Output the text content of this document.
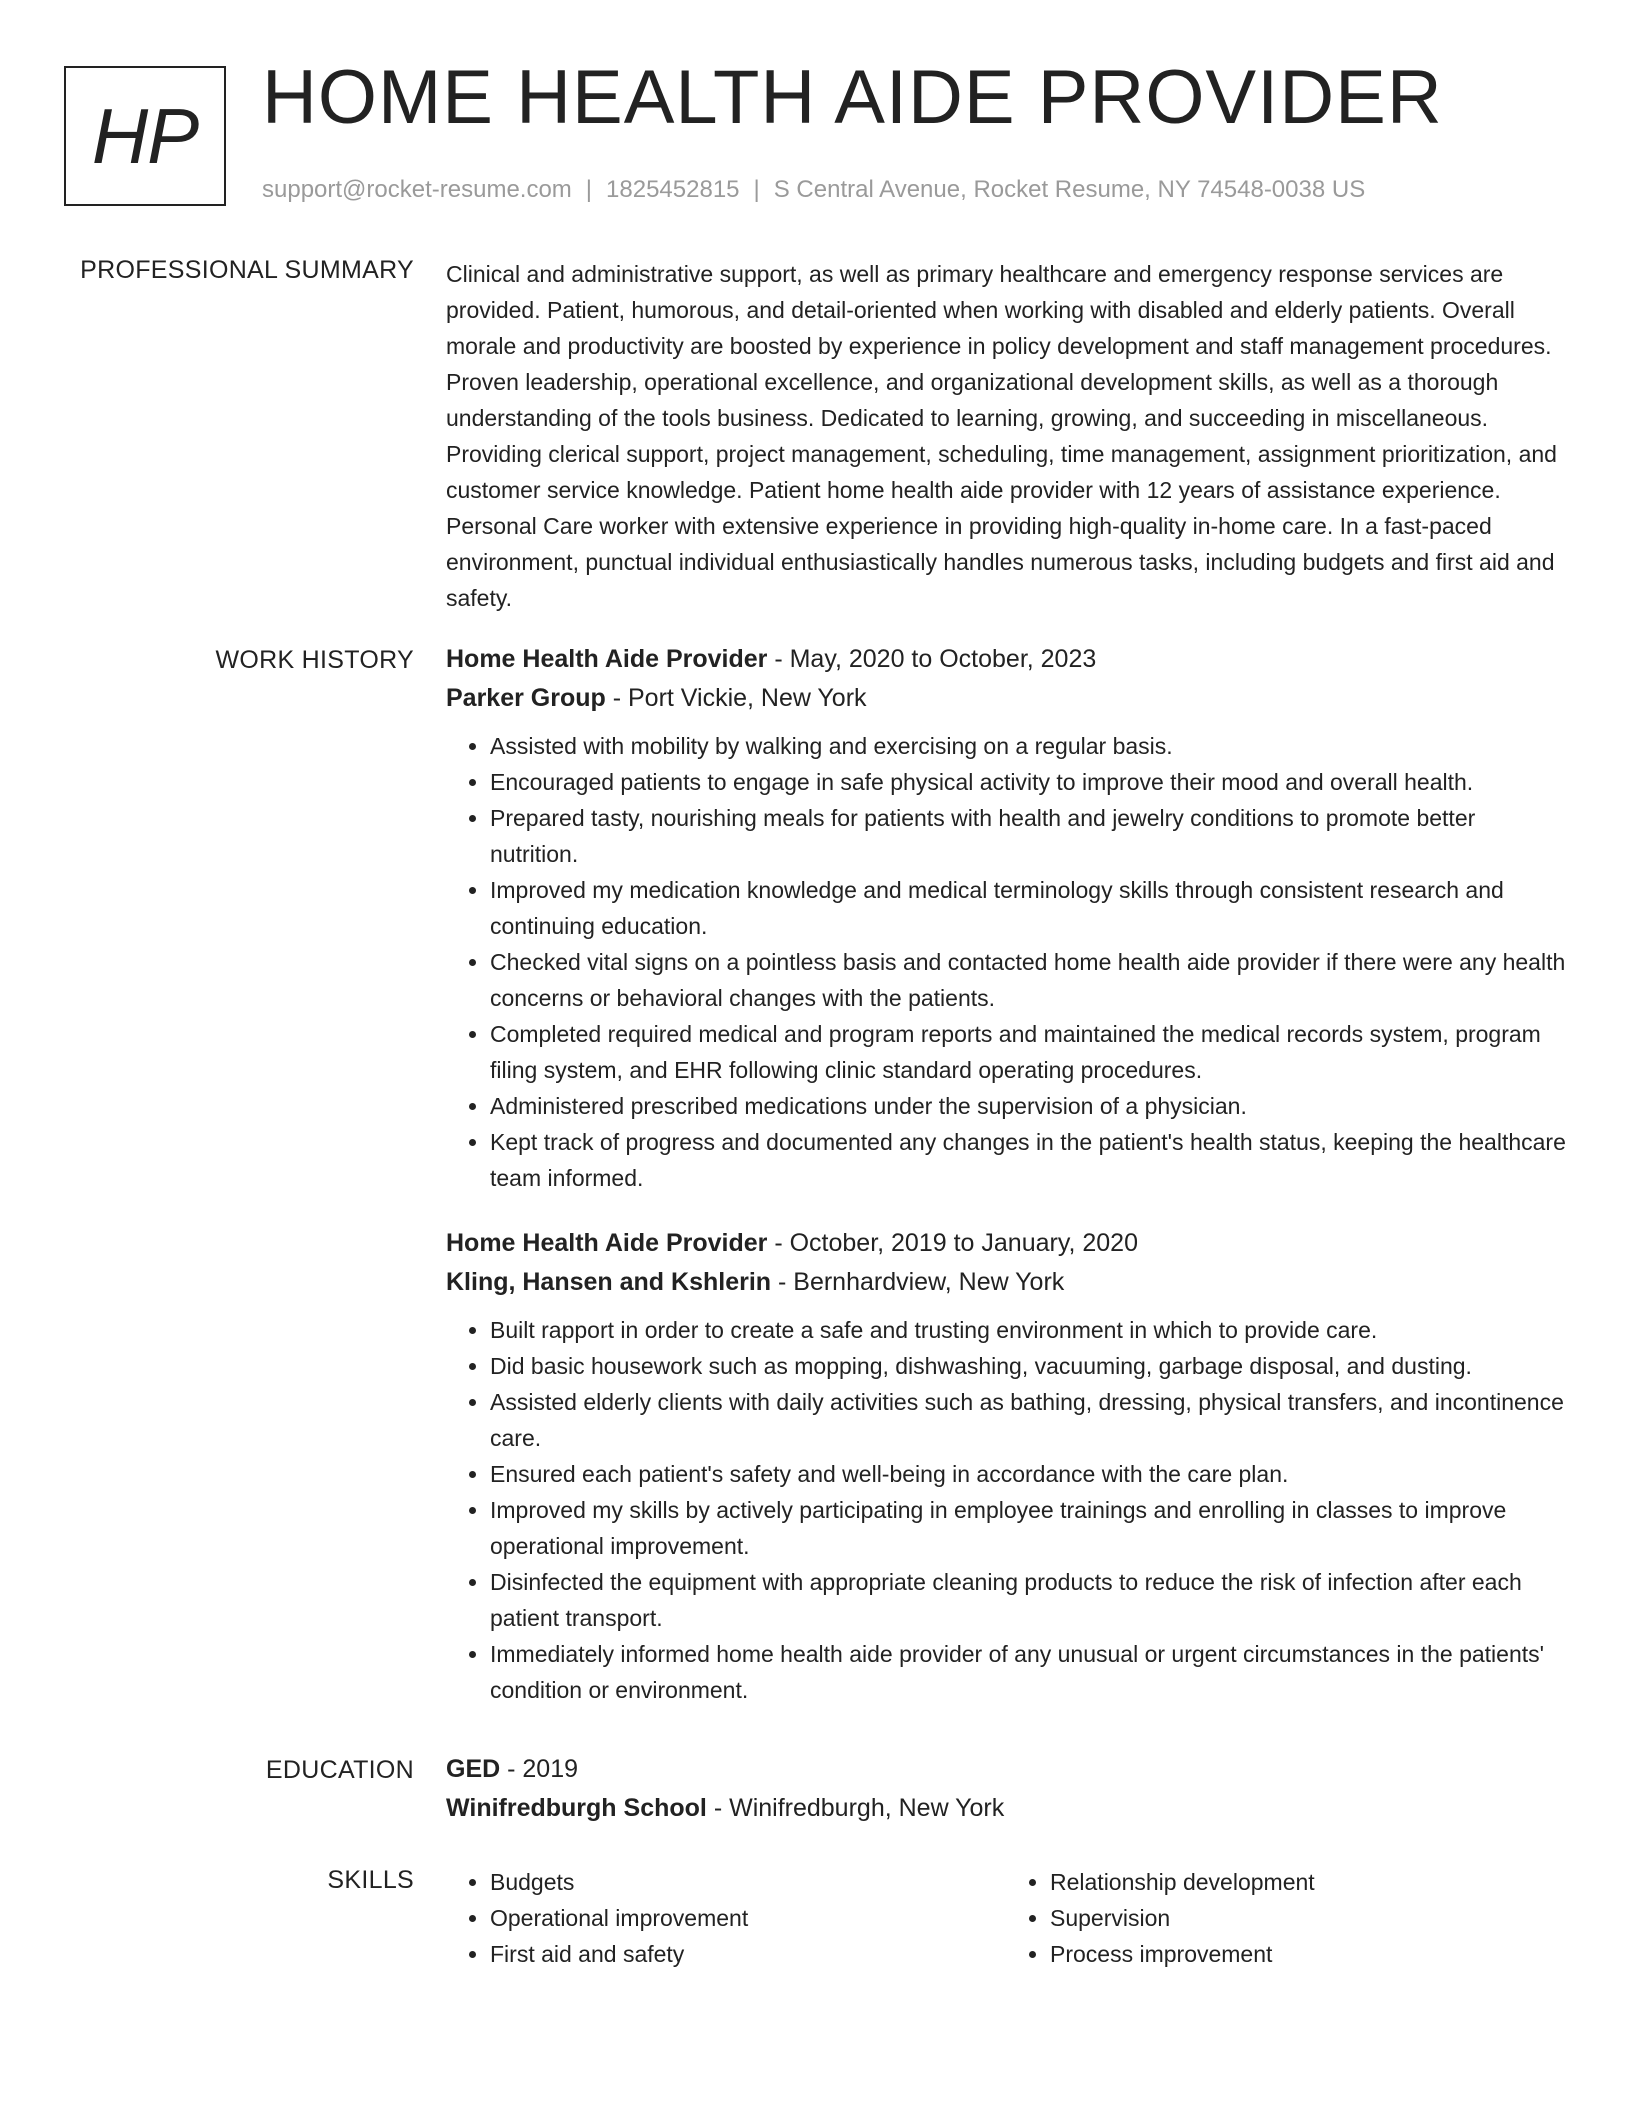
HP HOME HEALTH AIDE PROVIDER
support@rocket-resume.com | 1825452815 | S Central Avenue, Rocket Resume, NY 74548-0038 US
PROFESSIONAL SUMMARY Clinical and administrative support, as well as primary healthcare and emergency response services are provided. Patient, humorous, and detail-oriented when working with disabled and elderly patients. Overall morale and productivity are boosted by experience in policy development and staff management procedures. Proven leadership, operational excellence, and organizational development skills, as well as a thorough understanding of the tools business. Dedicated to learning, growing, and succeeding in miscellaneous. Providing clerical support, project management, scheduling, time management, assignment prioritization, and customer service knowledge. Patient home health aide provider with 12 years of assistance experience. Personal Care worker with extensive experience in providing high-quality in-home care. In a fast-paced environment, punctual individual enthusiastically handles numerous tasks, including budgets and first aid and safety.

WORK HISTORY Home Health Aide Provider - May, 2020 to October, 2023
Parker Group - Port Vickie, New York
• Assisted with mobility by walking and exercising on a regular basis.
• Encouraged patients to engage in safe physical activity to improve their mood and overall health.
• Prepared tasty, nourishing meals for patients with health and jewelry conditions to promote better nutrition.
• Improved my medication knowledge and medical terminology skills through consistent research and continuing education.
• Checked vital signs on a pointless basis and contacted home health aide provider if there were any health concerns or behavioral changes with the patients.
• Completed required medical and program reports and maintained the medical records system, program filing system, and EHR following clinic standard operating procedures.
• Administered prescribed medications under the supervision of a physician.
• Kept track of progress and documented any changes in the patient's health status, keeping the healthcare team informed.
Home Health Aide Provider - October, 2019 to January, 2020
Kling, Hansen and Kshlerin - Bernhardview, New York
• Built rapport in order to create a safe and trusting environment in which to provide care.
• Did basic housework such as mopping, dishwashing, vacuuming, garbage disposal, and dusting.
• Assisted elderly clients with daily activities such as bathing, dressing, physical transfers, and incontinence care.
• Ensured each patient's safety and well-being in accordance with the care plan.
• Improved my skills by actively participating in employee trainings and enrolling in classes to improve operational improvement.
• Disinfected the equipment with appropriate cleaning products to reduce the risk of infection after each patient transport.
• Immediately informed home health aide provider of any unusual or urgent circumstances in the patients' condition or environment.
EDUCATION GED - 2019
Winifredburgh School - Winifredburgh, New York
SKILLS
•	Budgets
• Operational improvement
• First aid and safety
• Relationship development
• Supervision
• Process improvement
